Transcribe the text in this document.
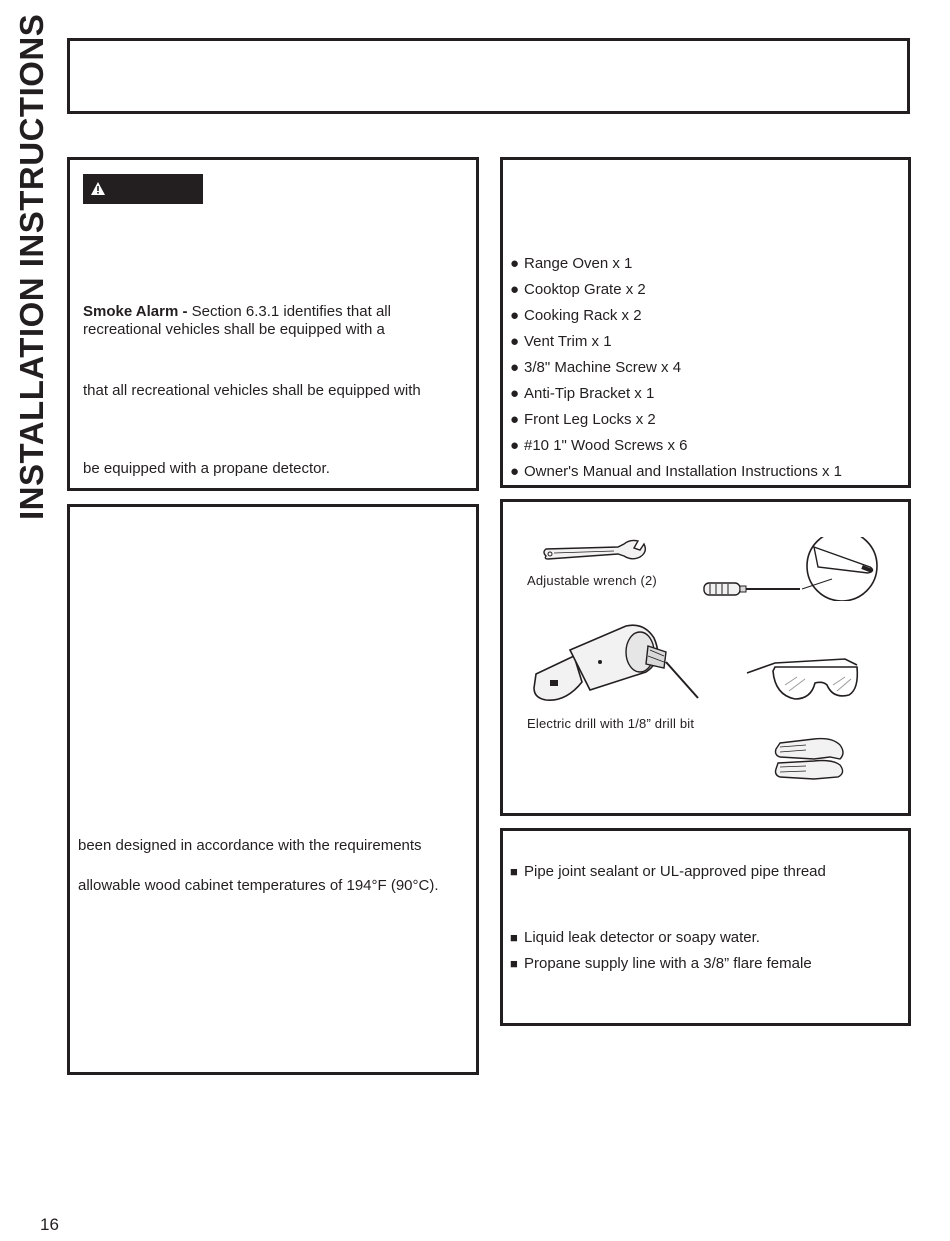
INSTALLATION INSTRUCTIONS Smoke Alarm - Section 6.3.1 identifies that all
recreational vehicles shall be equipped with a
that all recreational vehicles shall be equipped with
be equipped with a propane detector.
● Range Oven x 1
● Cooktop Grate x 2
● Cooking Rack x 2
● Vent Trim x 1
● 3/8" Machine Screw x 4
● Anti-Tip Bracket x 1
● Front Leg Locks x 2
● #10 1" Wood Screws x 6
● Owner's Manual and Installation Instructions x 1
been designed in accordance with the requirements
allowable wood cabinet temperatures of 194°F (90°C).
Adjustable wrench (2)
Electric drill with 1/8” drill bit
■ Pipe joint sealant or UL-approved pipe thread
■ Liquid leak detector or soapy water.
■ Propane supply line with a 3/8” flare female
16
